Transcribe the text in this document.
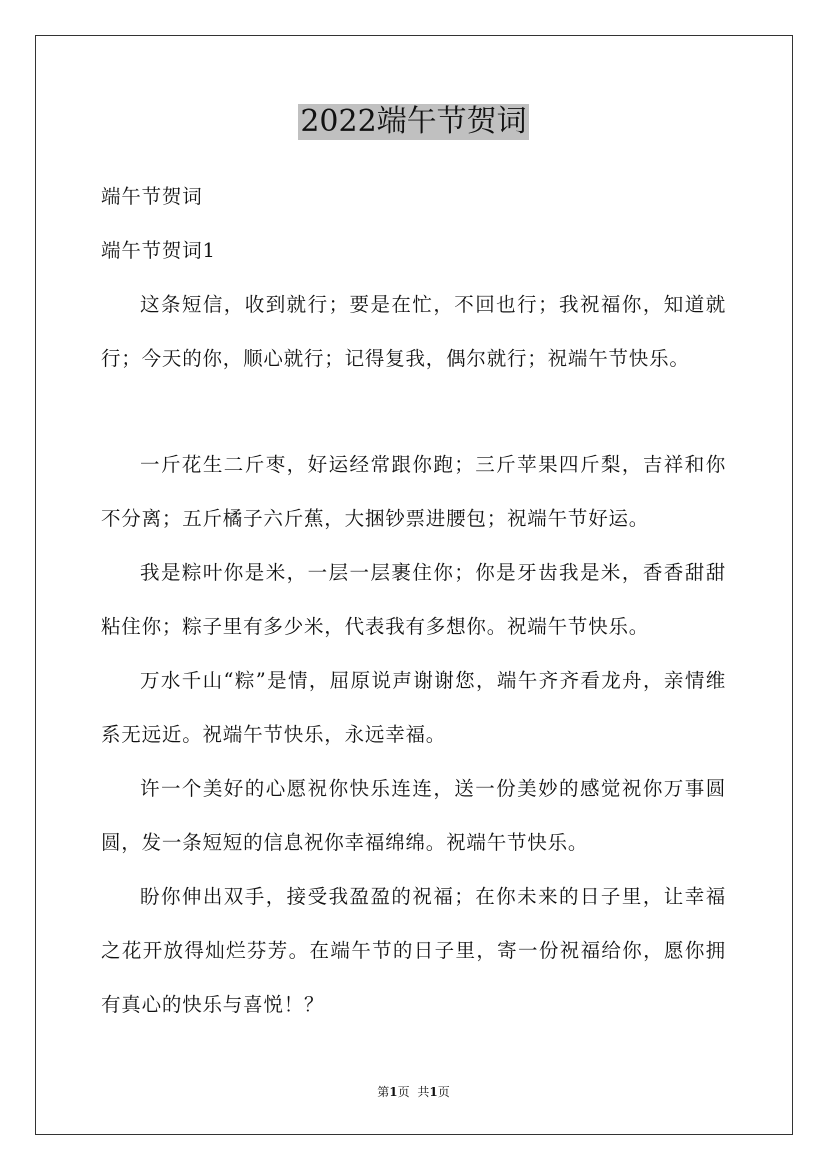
2022端午节贺词

端午节贺词

端午节贺词1

这条短信，收到就行；要是在忙，不回也行；我祝福你，知道就行；今天的你，顺心就行；记得复我，偶尔就行；祝端午节快乐。

一斤花生二斤枣，好运经常跟你跑；三斤苹果四斤梨，吉祥和你不分离；五斤橘子六斤蕉，大捆钞票进腰包；祝端午节好运。

我是粽叶你是米，一层一层裹住你；你是牙齿我是米，香香甜甜粘住你；粽子里有多少米，代表我有多想你。祝端午节快乐。

万水千山“粽”是情，屈原说声谢谢您，端午齐齐看龙舟，亲情维系无远近。祝端午节快乐，永远幸福。

许一个美好的心愿祝你快乐连连，送一份美妙的感觉祝你万事圆圆，发一条短短的信息祝你幸福绵绵。祝端午节快乐。

盼你伸出双手，接受我盈盈的祝福；在你未来的日子里，让幸福之花开放得灿烂芬芳。在端午节的日子里，寄一份祝福给你，愿你拥有真心的快乐与喜悦！？

第1页 共1页
